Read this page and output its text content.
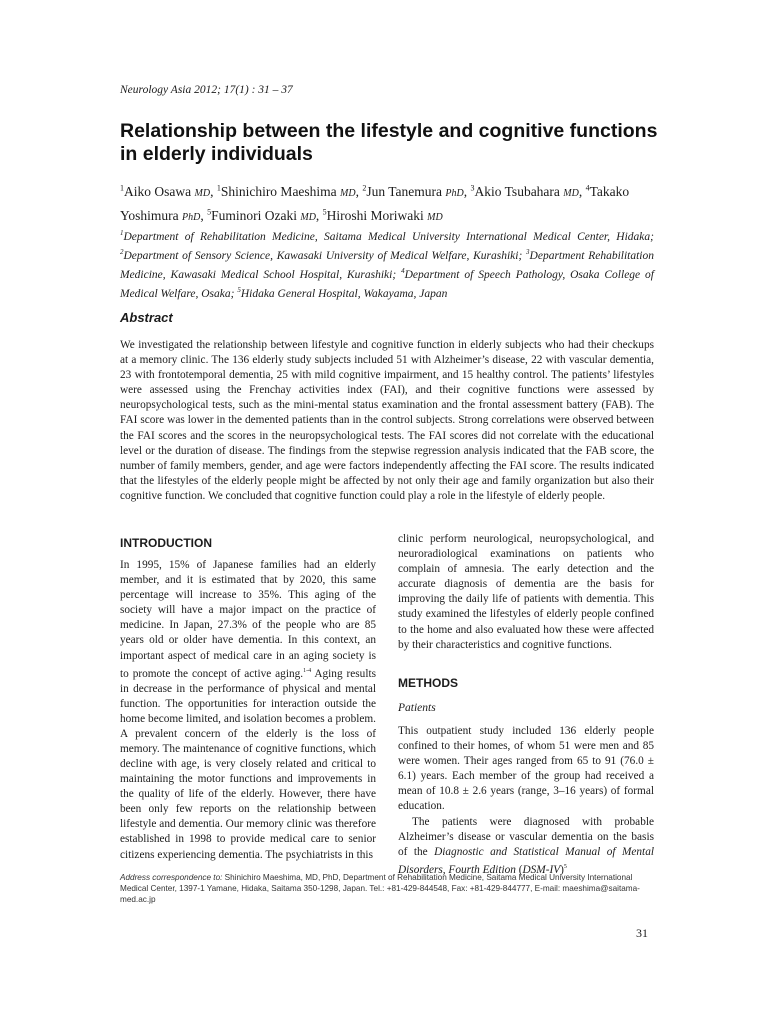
Neurology Asia 2012; 17(1) : 31 – 37
Relationship between the lifestyle and cognitive functions in elderly individuals
$^1$Aiko Osawa MD, $^1$Shinichiro Maeshima MD, $^2$Jun Tanemura PhD, $^3$Akio Tsubahara MD, $^4$Takako Yoshimura PhD, $^5$Fuminori Ozaki MD, $^5$Hiroshi Moriwaki MD
$^1$Department of Rehabilitation Medicine, Saitama Medical University International Medical Center, Hidaka; $^2$Department of Sensory Science, Kawasaki University of Medical Welfare, Kurashiki; $^3$Department Rehabilitation Medicine, Kawasaki Medical School Hospital, Kurashiki; $^4$Department of Speech Pathology, Osaka College of Medical Welfare, Osaka; $^5$Hidaka General Hospital, Wakayama, Japan
Abstract
We investigated the relationship between lifestyle and cognitive function in elderly subjects who had their checkups at a memory clinic. The 136 elderly study subjects included 51 with Alzheimer’s disease, 22 with vascular dementia, 23 with frontotemporal dementia, 25 with mild cognitive impairment, and 15 healthy control. The patients’ lifestyles were assessed using the Frenchay activities index (FAI), and their cognitive functions were assessed by neuropsychological tests, such as the mini-mental status examination and the frontal assessment battery (FAB). The FAI score was lower in the demented patients than in the control subjects. Strong correlations were observed between the FAI scores and the scores in the neuropsychological tests. The FAI scores did not correlate with the educational level or the duration of disease. The findings from the stepwise regression analysis indicated that the FAB score, the number of family members, gender, and age were factors independently affecting the FAI score. The results indicated that the lifestyles of the elderly people might be affected by not only their age and family organization but also their cognitive function. We concluded that cognitive function could play a role in the lifestyle of elderly people.
INTRODUCTION

In 1995, 15% of Japanese families had an elderly member, and it is estimated that by 2020, this same percentage will increase to 35%. This aging of the society will have a major impact on the practice of medicine. In Japan, 27.3% of the people who are 85 years old or older have dementia. In this context, an important aspect of medical care in an aging society is to promote the concept of active aging.$^{1-4}$ Aging results in decrease in the performance of physical and mental function. The opportunities for interaction outside the home become limited, and isolation becomes a problem. A prevalent concern of the elderly is the loss of memory. The maintenance of cognitive functions, which decline with age, is very closely related and critical to maintaining the motor functions and improvements in the quality of life of the elderly. However, there have been only few reports on the relationship between lifestyle and dementia. Our memory clinic was therefore established in 1998 to provide medical care to senior citizens experiencing dementia. The psychiatrists in this

clinic perform neurological, neuropsychological, and neuroradiological examinations on patients who complain of amnesia. The early detection and the accurate diagnosis of dementia are the basis for improving the daily life of patients with dementia. This study examined the lifestyles of elderly people confined to the home and also evaluated how these were affected by their characteristics and cognitive functions.

METHODS
Patients

This outpatient study included 136 elderly people confined to their homes, of whom 51 were men and 85 were women. Their ages ranged from 65 to 91 (76.0 ± 6.1) years. Each member of the group had received a mean of 10.8 ± 2.6 years (range, 3–16 years) of formal education.

The patients were diagnosed with probable Alzheimer’s disease or vascular dementia on the basis of the Diagnostic and Statistical Manual of Mental Disorders, Fourth Edition $(DSM-IV)^5$

Address correspondence to: Shinichiro Maeshima, MD, PhD, Department of Rehabilitation Medicine, Saitama Medical University International Medical Center, 1397-1 Yamane, Hidaka, Saitama 350-1298, Japan. Tel.: +81-429-844548, Fax: +81-429-844777, E-mail: maeshima@saitama-med.ac.jp
31
